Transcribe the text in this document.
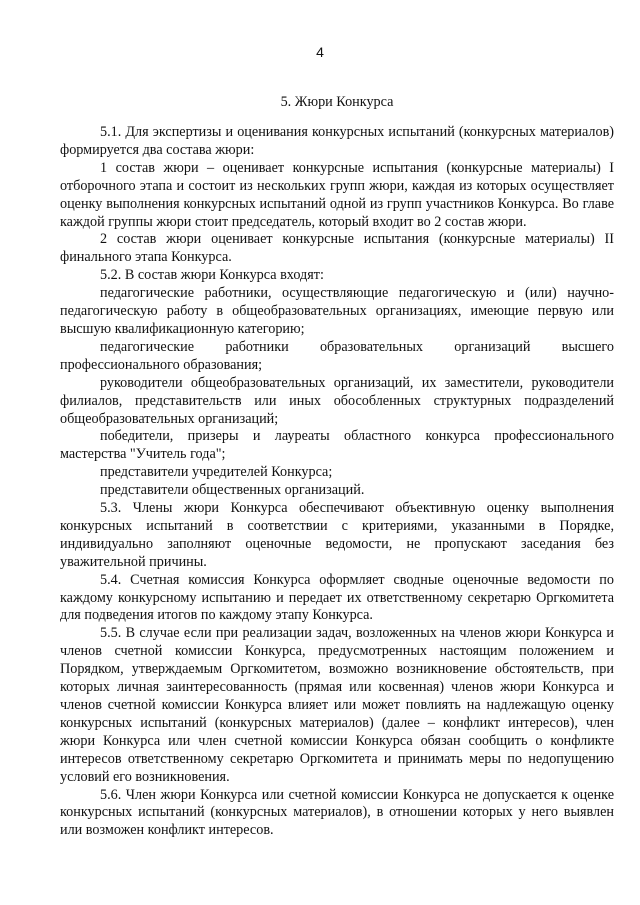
4
5. Жюри Конкурса

5.1. Для экспертизы и оценивания конкурсных испытаний (конкурсных материалов) формируется два состава жюри:

1 состав жюри – оценивает конкурсные испытания (конкурсные материалы) I отборочного этапа и состоит из нескольких групп жюри, каждая из которых осуществляет оценку выполнения конкурсных испытаний одной из групп участников Конкурса. Во главе каждой группы жюри стоит председатель, который входит во 2 состав жюри.

2 состав жюри оценивает конкурсные испытания (конкурсные материалы) II финального этапа Конкурса.

5.2. В состав жюри Конкурса входят:

педагогические работники, осуществляющие педагогическую и (или) научно-педагогическую работу в общеобразовательных организациях, имеющие первую или высшую квалификационную категорию;

педагогические работники образовательных организаций высшего профессионального образования;

руководители общеобразовательных организаций, их заместители, руководители филиалов, представительств или иных обособленных структурных подразделений общеобразовательных организаций;

победители, призеры и лауреаты областного конкурса профессионального мастерства "Учитель года";

представители учредителей Конкурса;

представители общественных организаций.

5.3. Члены жюри Конкурса обеспечивают объективную оценку выполнения конкурсных испытаний в соответствии с критериями, указанными в Порядке, индивидуально заполняют оценочные ведомости, не пропускают заседания без уважительной причины.

5.4. Счетная комиссия Конкурса оформляет сводные оценочные ведомости по каждому конкурсному испытанию и передает их ответственному секретарю Оргкомитета для подведения итогов по каждому этапу Конкурса.

5.5. В случае если при реализации задач, возложенных на членов жюри Конкурса и членов счетной комиссии Конкурса, предусмотренных настоящим положением и Порядком, утверждаемым Оргкомитетом, возможно возникновение обстоятельств, при которых личная заинтересованность (прямая или косвенная) членов жюри Конкурса и членов счетной комиссии Конкурса влияет или может повлиять на надлежащую оценку конкурсных испытаний (конкурсных материалов) (далее – конфликт интересов), член жюри Конкурса или член счетной комиссии Конкурса обязан сообщить о конфликте интересов ответственному секретарю Оргкомитета и принимать меры по недопущению условий его возникновения.

5.6. Член жюри Конкурса или счетной комиссии Конкурса не допускается к оценке конкурсных испытаний (конкурсных материалов), в отношении которых у него выявлен или возможен конфликт интересов.
